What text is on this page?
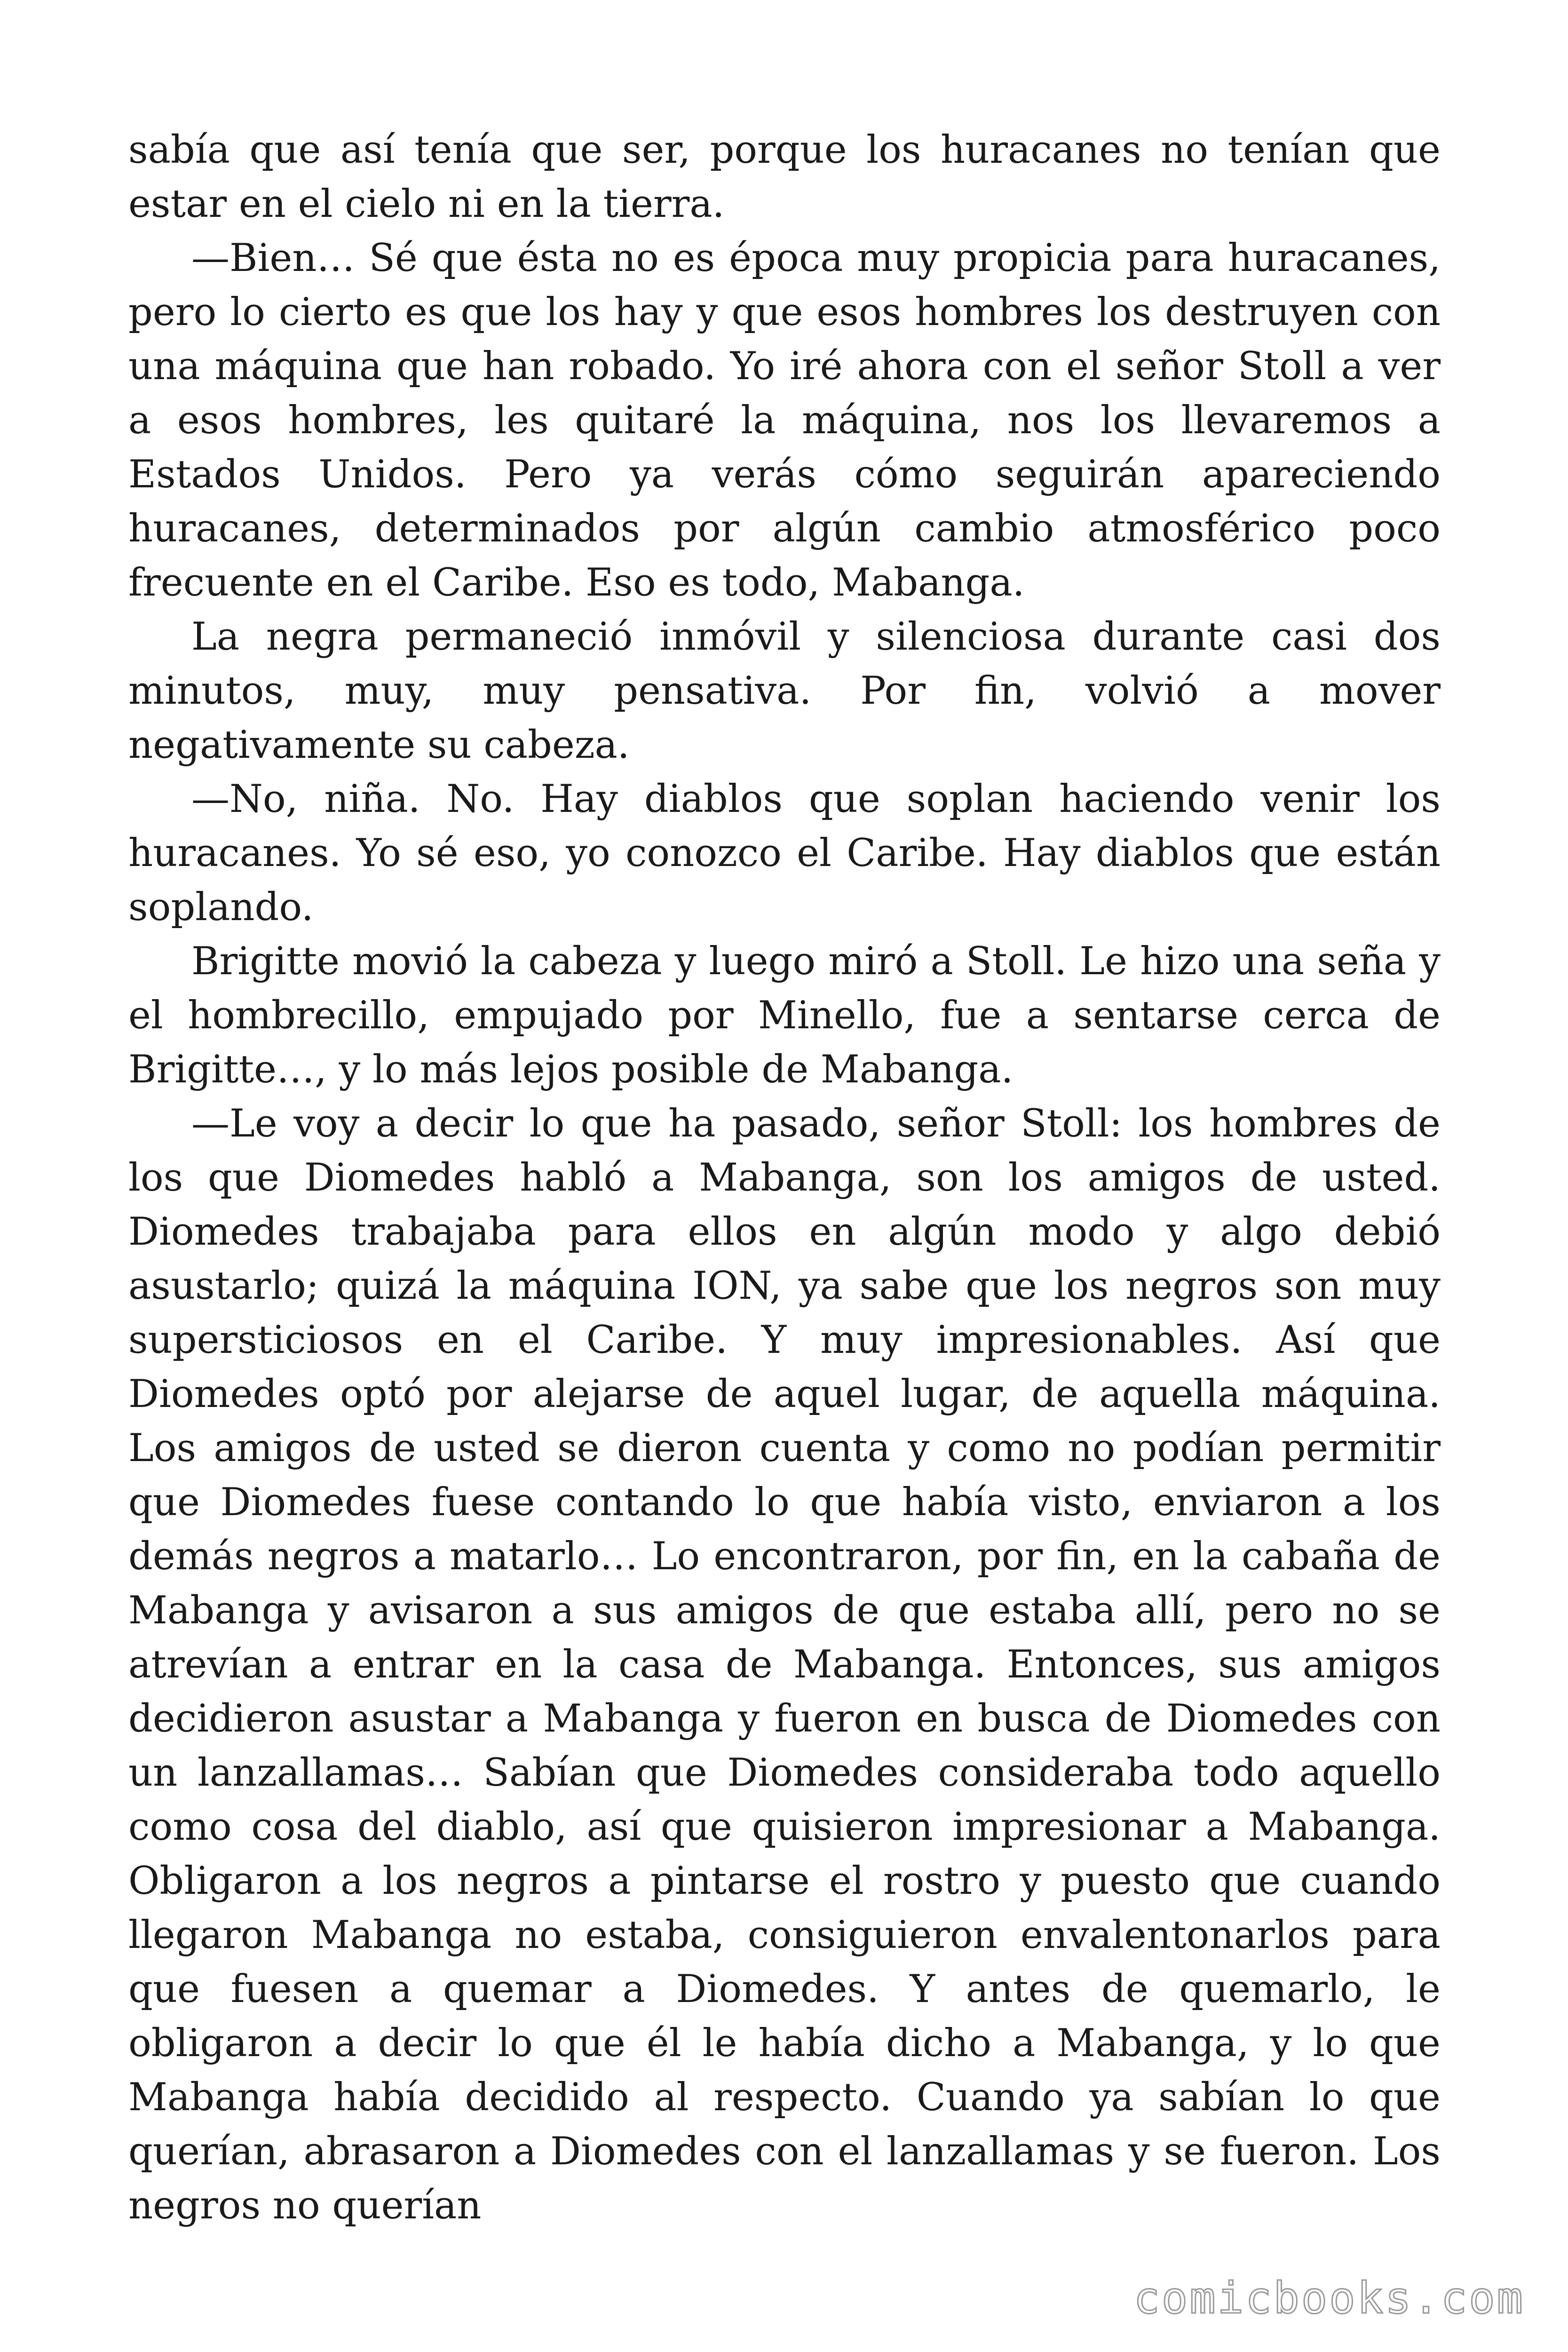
sabía que así tenía que ser, porque los huracanes no tenían que estar en el cielo ni en la tierra.

—Bien… Sé que ésta no es época muy propicia para huracanes, pero lo cierto es que los hay y que esos hombres los destruyen con una máquina que han robado. Yo iré ahora con el señor Stoll a ver a esos hombres, les quitaré la máquina, nos los llevaremos a Estados Unidos. Pero ya verás cómo seguirán apareciendo huracanes, determinados por algún cambio atmosférico poco frecuente en el Caribe. Eso es todo, Mabanga.

La negra permaneció inmóvil y silenciosa durante casi dos minutos, muy, muy pensativa. Por fin, volvió a mover negativamente su cabeza.

—No, niña. No. Hay diablos que soplan haciendo venir los huracanes. Yo sé eso, yo conozco el Caribe. Hay diablos que están soplando.

Brigitte movió la cabeza y luego miró a Stoll. Le hizo una seña y el hombrecillo, empujado por Minello, fue a sentarse cerca de Brigitte…, y lo más lejos posible de Mabanga.

—Le voy a decir lo que ha pasado, señor Stoll: los hombres de los que Diomedes habló a Mabanga, son los amigos de usted. Diomedes trabajaba para ellos en algún modo y algo debió asustarlo; quizá la máquina ION, ya sabe que los negros son muy supersticiosos en el Caribe. Y muy impresionables. Así que Diomedes optó por alejarse de aquel lugar, de aquella máquina. Los amigos de usted se dieron cuenta y como no podían permitir que Diomedes fuese contando lo que había visto, enviaron a los demás negros a matarlo… Lo encontraron, por fin, en la cabaña de Mabanga y avisaron a sus amigos de que estaba allí, pero no se atrevían a entrar en la casa de Mabanga. Entonces, sus amigos decidieron asustar a Mabanga y fueron en busca de Diomedes con un lanzallamas… Sabían que Diomedes consideraba todo aquello como cosa del diablo, así que quisieron impresionar a Mabanga. Obligaron a los negros a pintarse el rostro y puesto que cuando llegaron Mabanga no estaba, consiguieron envalentonarlos para que fuesen a quemar a Diomedes. Y antes de quemarlo, le obligaron a decir lo que él le había dicho a Mabanga, y lo que Mabanga había decidido al respecto. Cuando ya sabían lo que querían, abrasaron a Diomedes con el lanzallamas y se fueron. Los negros no querían

comicbooks.com
